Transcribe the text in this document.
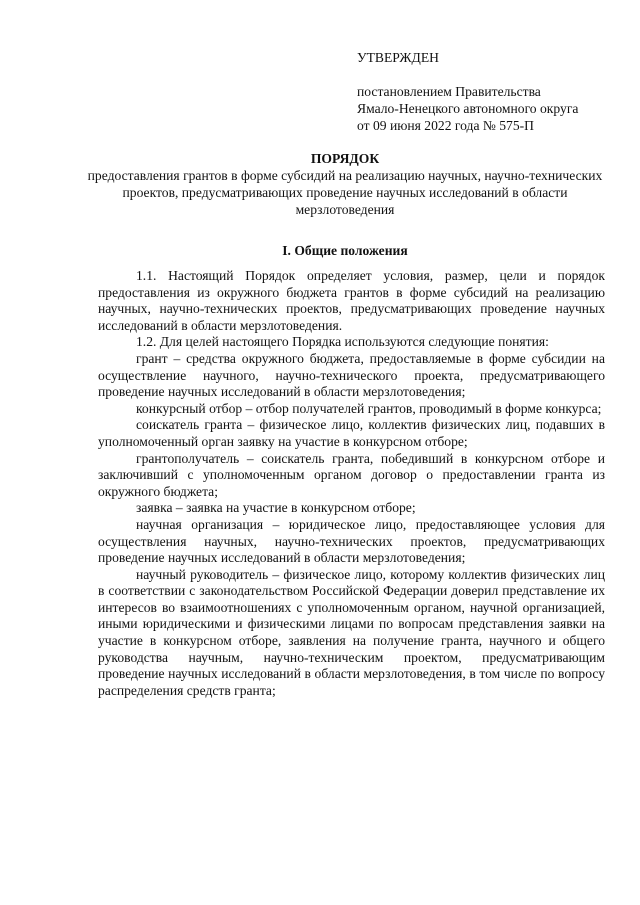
УТВЕРЖДЕН
постановлением Правительства
Ямало-Ненецкого автономного округа
от 09 июня 2022 года № 575-П
ПОРЯДОК
предоставления грантов в форме субсидий на реализацию научных, научно-технических проектов, предусматривающих проведение научных исследований в области мерзлотоведения
I. Общие положения

1.1. Настоящий Порядок определяет условия, размер, цели и порядок предоставления из окружного бюджета грантов в форме субсидий на реализацию научных, научно-технических проектов, предусматривающих проведение научных исследований в области мерзлотоведения.

1.2. Для целей настоящего Порядка используются следующие понятия:

грант – средства окружного бюджета, предоставляемые в форме субсидии на осуществление научного, научно-технического проекта, предусматривающего проведение научных исследований в области мерзлотоведения;

конкурсный отбор – отбор получателей грантов, проводимый в форме конкурса;

соискатель гранта – физическое лицо, коллектив физических лиц, подавших в уполномоченный орган заявку на участие в конкурсном отборе;

грантополучатель – соискатель гранта, победивший в конкурсном отборе и заключивший с уполномоченным органом договор о предоставлении гранта из окружного бюджета;

заявка – заявка на участие в конкурсном отборе;

научная организация – юридическое лицо, предоставляющее условия для осуществления научных, научно-технических проектов, предусматривающих проведение научных исследований в области мерзлотоведения;

научный руководитель – физическое лицо, которому коллектив физических лиц в соответствии с законодательством Российской Федерации доверил представление их интересов во взаимоотношениях с уполномоченным органом, научной организацией, иными юридическими и физическими лицами по вопросам представления заявки на участие в конкурсном отборе, заявления на получение гранта, научного и общего руководства научным, научно-техническим проектом, предусматривающим проведение научных исследований в области мерзлотоведения, в том числе по вопросу распределения средств гранта;
